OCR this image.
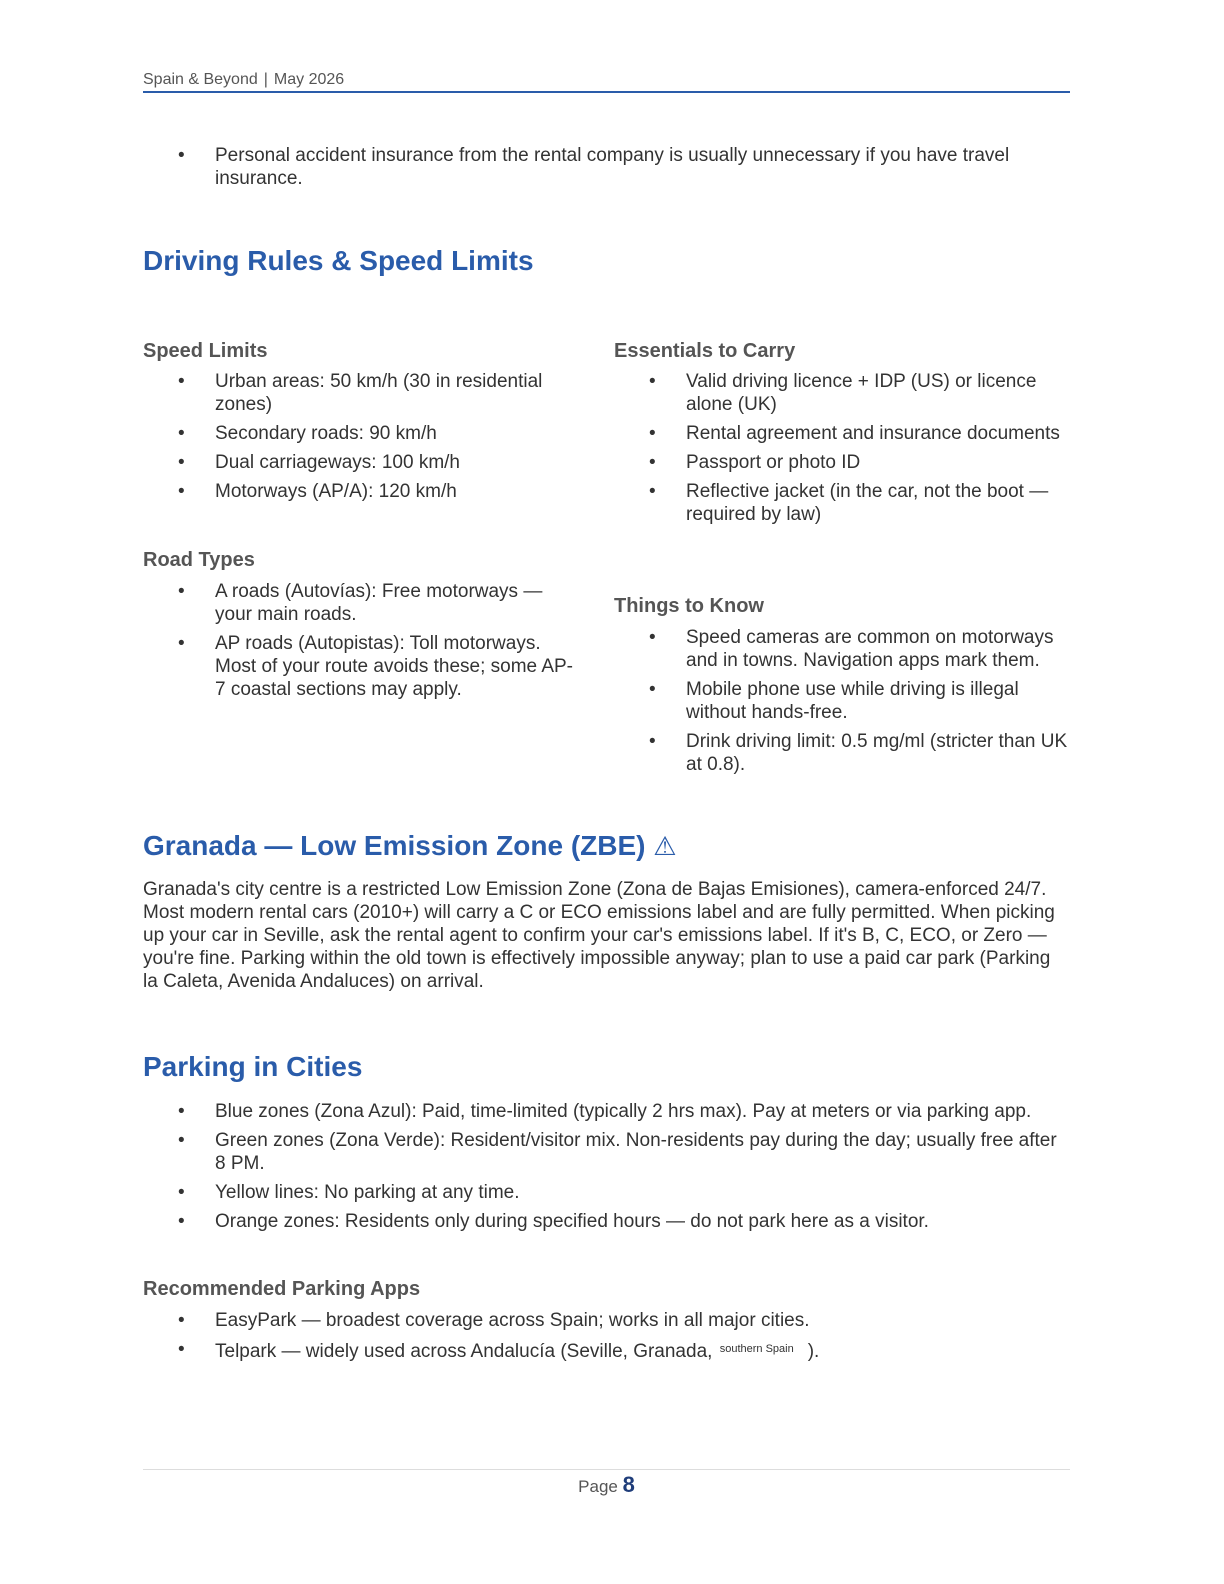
Spain & Beyond | May 2026
• Personal accident insurance from the rental company is usually unnecessary if you have travel insurance.
Driving Rules & Speed Limits
Speed Limits
• Urban areas: 50 km/h (30 in residential zones)
• Secondary roads: 90 km/h
• Dual carriageways: 100 km/h
• Motorways (AP/A): 120 km/h
Road Types
• A roads (Autovías): Free motorways — your main roads.
• AP roads (Autopistas): Toll motorways. Most of your route avoids these; some AP-7 coastal sections may apply.
Essentials to Carry
• Valid driving licence + IDP (US) or licence alone (UK)
• Rental agreement and insurance documents
• Passport or photo ID
• Reflective jacket (in the car, not the boot — required by law)
Things to Know
• Speed cameras are common on motorways and in towns. Navigation apps mark them.
• Mobile phone use while driving is illegal without hands-free.
• Drink driving limit: 0.5 mg/ml (stricter than UK at 0.8).
Granada — Low Emission Zone (ZBE) ⚠

Granada's city centre is a restricted Low Emission Zone (Zona de Bajas Emisiones), camera-enforced 24/7. Most modern rental cars (2010+) will carry a C or ECO emissions label and are fully permitted. When picking up your car in Seville, ask the rental agent to confirm your car's emissions label. If it's B, C, ECO, or Zero — you're fine. Parking within the old town is effectively impossible anyway; plan to use a paid car park (Parking la Caleta, Avenida Andaluces) on arrival.

Parking in Cities
• Blue zones (Zona Azul): Paid, time-limited (typically 2 hrs max). Pay at meters or via parking app.
• Green zones (Zona Verde): Resident/visitor mix. Non-residents pay during the day; usually free after 8 PM.
• Yellow lines: No parking at any time.
• Orange zones: Residents only during specified hours — do not park here as a visitor.
Recommended Parking Apps
• EasyPark — broadest coverage across Spain; works in all major cities.
• Telpark — widely used across Andalucía (Seville, Granada, $^{southern Spain}$ ).
Page 8
